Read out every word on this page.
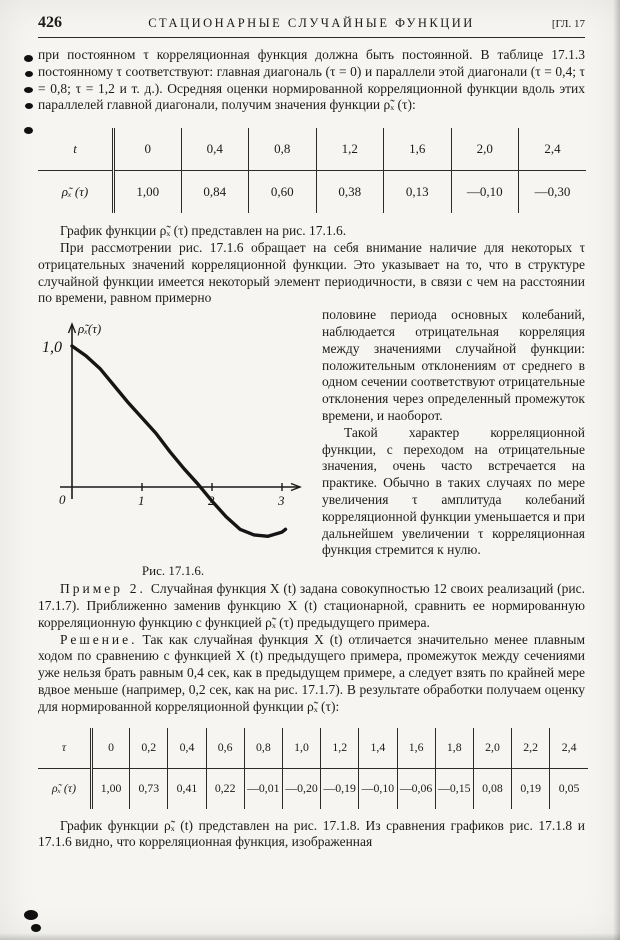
426	СТАЦИОНАРНЫЕ СЛУЧАЙНЫЕ ФУНКЦИИ	[ГЛ. 17

при постоянном τ корреляционная функция должна быть постоянной. В таблице 17.1.3 постоянному τ соответствуют: главная диагональ (τ = 0) и параллели этой диагонали (τ = 0,4; τ = 0,8; τ = 1,2 и т. д.). Осредняя оценки нормированной корреляционной функции вдоль этих параллелей главной диагонали, получим значения функции ρ̃ₓ (τ):

t	0	0,4	0,8	1,2	1,6	2,0	2,4
ρ̃ₓ (τ)	1,00	0,84	0,60	0,38	0,13	—0,10	—0,30

График функции ρ̃ₓ (τ) представлен на рис. 17.1.6.

При рассмотрении рис. 17.1.6 обращает на себя внимание наличие для некоторых τ отрицательных значений корреляционной функции. Это указывает на то, что в структуре случайной функции имеется некоторый элемент периодичности, в связи с чем на расстоянии по времени, равном примерно

1	2	3
0
1,0
ρ̃ₓ(τ)
Рис. 17.1.6.

половине периода основных колебаний, наблюдается отрицательная корреляция между значениями случайной функции: положительным отклонениям от среднего в одном сечении соответствуют отрицательные отклонения через определенный промежуток времени, и наоборот.

Такой характер корреляционной функции, с переходом на отрицательные значения, очень часто встречается на практике. Обычно в таких случаях по мере увеличения τ амплитуда колебаний корреляционной функции уменьшается и при дальнейшем увеличении τ корреляционная функция стремится к нулю.

Пример 2. Случайная функция X (t) задана совокупностью 12 своих реализаций (рис. 17.1.7). Приближенно заменив функцию X (t) стационарной, сравнить ее нормированную корреляционную функцию с функцией ρ̃ₓ (τ) предыдущего примера.

Решение. Так как случайная функция X (t) отличается значительно менее плавным ходом по сравнению с функцией X (t) предыдущего примера, промежуток между сечениями уже нельзя брать равным 0,4 сек, как в предыдущем примере, а следует взять по крайней мере вдвое меньше (например, 0,2 сек, как на рис. 17.1.7). В результате обработки получаем оценку для нормированной корреляционной функции ρ̃ₓ (τ):

τ	0	0,2	0,4	0,6	0,8	1,0	1,2	1,4	1,6	1,8	2,0	2,2	2,4
ρ̃ₓ (τ)	1,00	0,73	0,41	0,22	—0,01	—0,20	—0,19	—0,10	—0,06	—0,15	0,08	0,19	0,05

График функции ρ̃ₓ (t) представлен на рис. 17.1.8. Из сравнения графиков рис. 17.1.8 и 17.1.6 видно, что корреляционная функция, изображенная
